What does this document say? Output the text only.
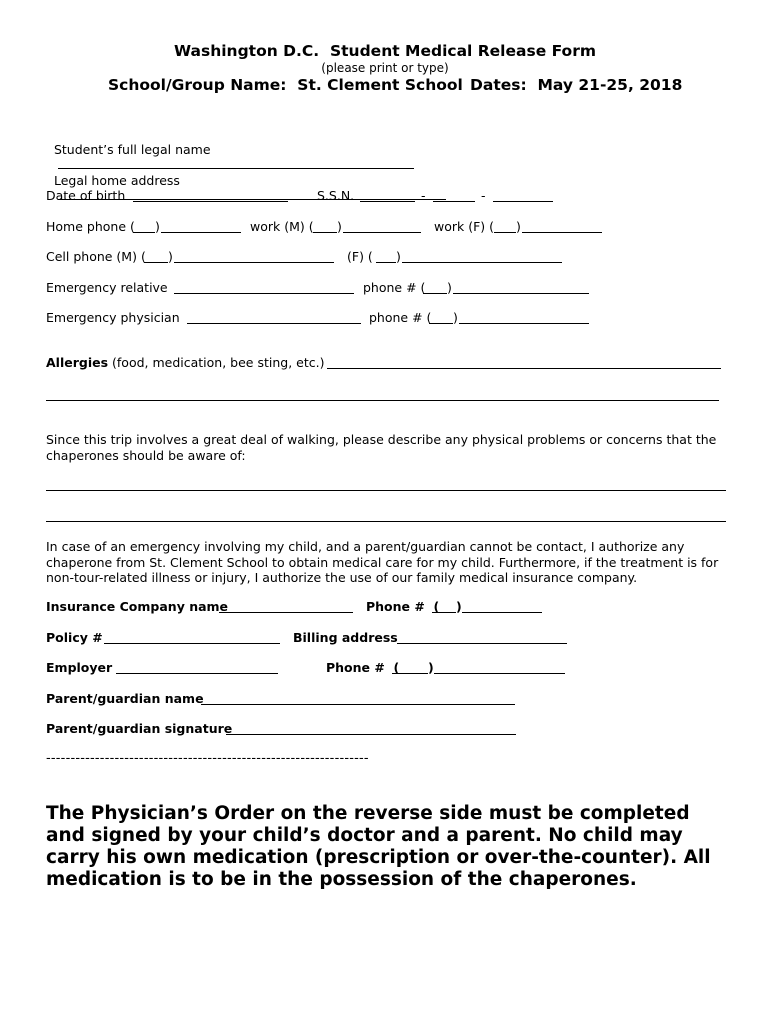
Washington D.C.  Student Medical Release Form
(please print or type)
School/Group Name:  St. Clement School Dates:  May 21-25, 2018

Student’s full legal name

Legal home address

Date of birth	S.S.N.	-	-
Home phone ( )	work (M) ( )	work (F) ( )
Cell phone (M) ( )	(F) ( )
Emergency relative	phone # ( )
Emergency physician	phone # ( )
Allergies (food, medication, bee sting, etc.)
Since this trip involves a great deal of walking, please describe any physical problems or concerns that the chaperones should be aware of:
In case of an emergency involving my child, and a parent/guardian cannot be contact, I authorize any chaperone from St. Clement School to obtain medical care for my child. Furthermore, if the treatment is for non-tour-related illness or injury, I authorize the use of our family medical insurance company.
Insurance Company name	Phone #  ( )
Policy #	Billing address
Employer	Phone #  ( )
Parent/guardian name
Parent/guardian signature
------------------------------------------------------------------
The Physician’s Order on the reverse side must be completed and signed by your child’s doctor and a parent. No child may carry his own medication (prescription or over-the-counter). All medication is to be in the possession of the chaperones.
